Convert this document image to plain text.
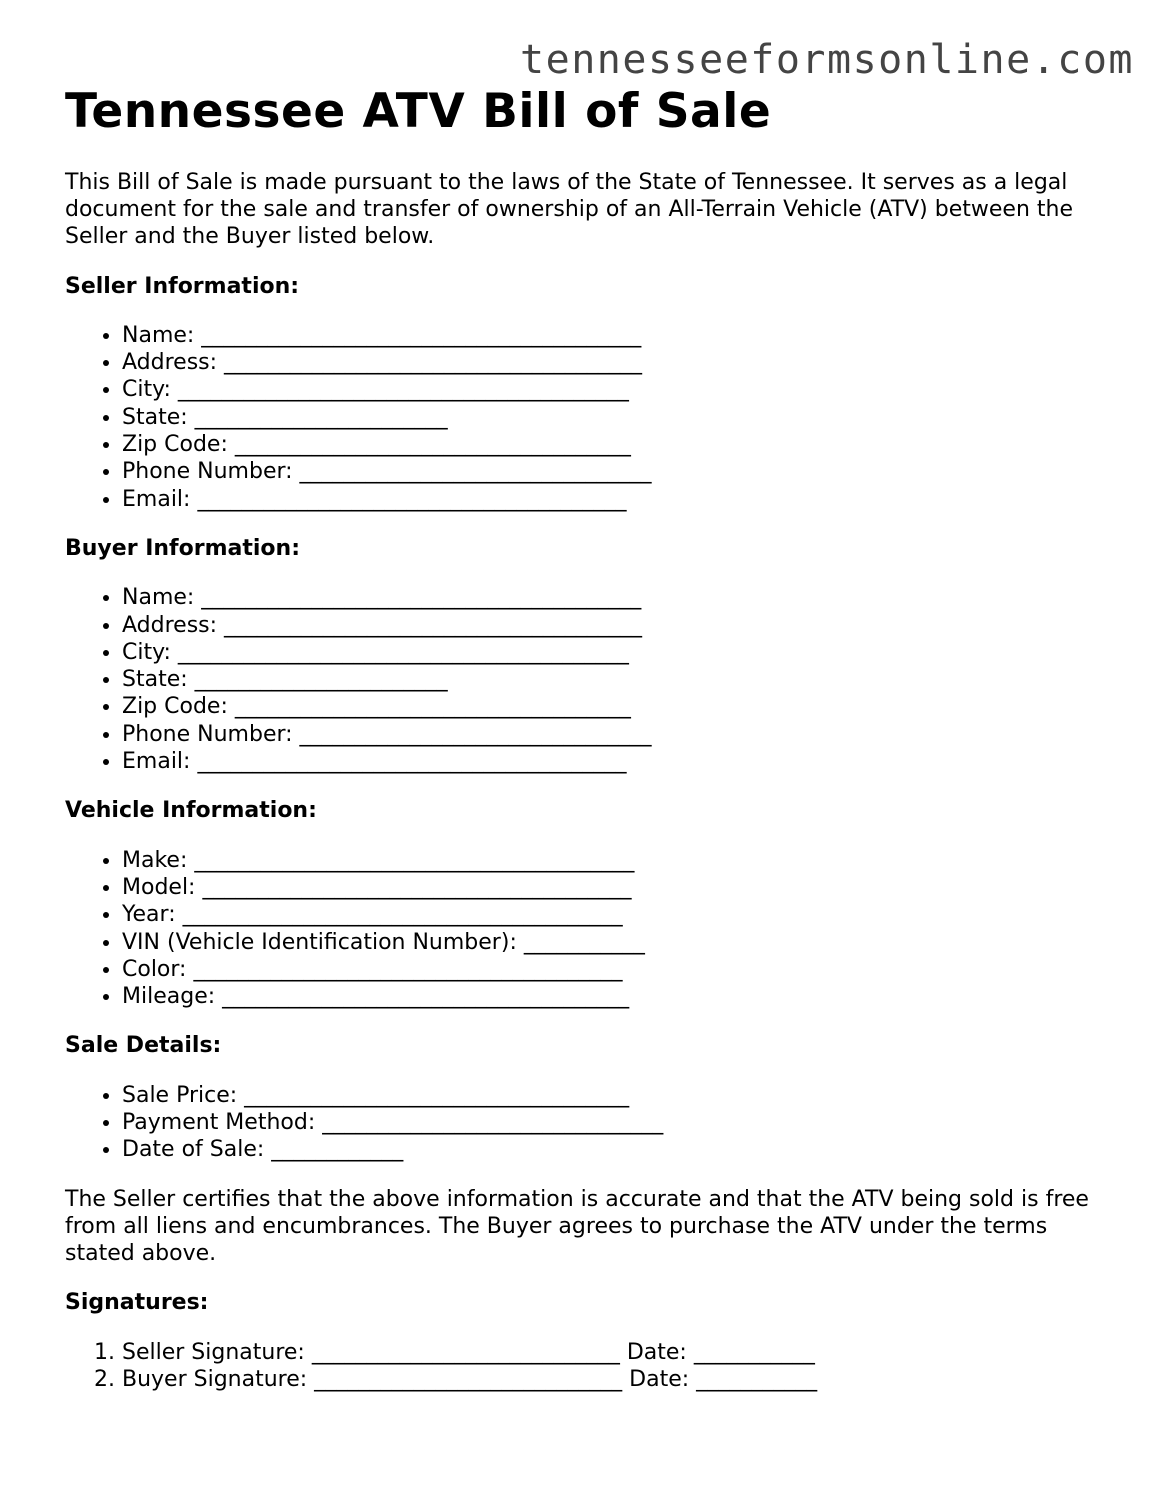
tennesseeformsonline.com
Tennessee ATV Bill of Sale

This Bill of Sale is made pursuant to the laws of the State of Tennessee. It serves as a legal document for the sale and transfer of ownership of an All-Terrain Vehicle (ATV) between the Seller and the Buyer listed below.

Seller Information:
• Name: ________________________________________
• Address: ______________________________________
• City: _________________________________________
• State: _______________________
• Zip Code: ____________________________________
• Phone Number: ________________________________
• Email: _______________________________________
Buyer Information:
• Name: ________________________________________
• Address: ______________________________________
• City: _________________________________________
• State: _______________________
• Zip Code: ____________________________________
• Phone Number: ________________________________
• Email: _______________________________________
Vehicle Information:
• Make: ________________________________________
• Model: _______________________________________
• Year: ________________________________________
• VIN (Vehicle Identification Number): ___________
• Color: _______________________________________
• Mileage: _____________________________________
Sale Details:
• Sale Price: ___________________________________
• Payment Method: _______________________________
• Date of Sale: ____________

The Seller certifies that the above information is accurate and that the ATV being sold is free from all liens and encumbrances. The Buyer agrees to purchase the ATV under the terms stated above.

Signatures:
1. Seller Signature: ____________________________ Date: ___________
2. Buyer Signature: ____________________________ Date: ___________
